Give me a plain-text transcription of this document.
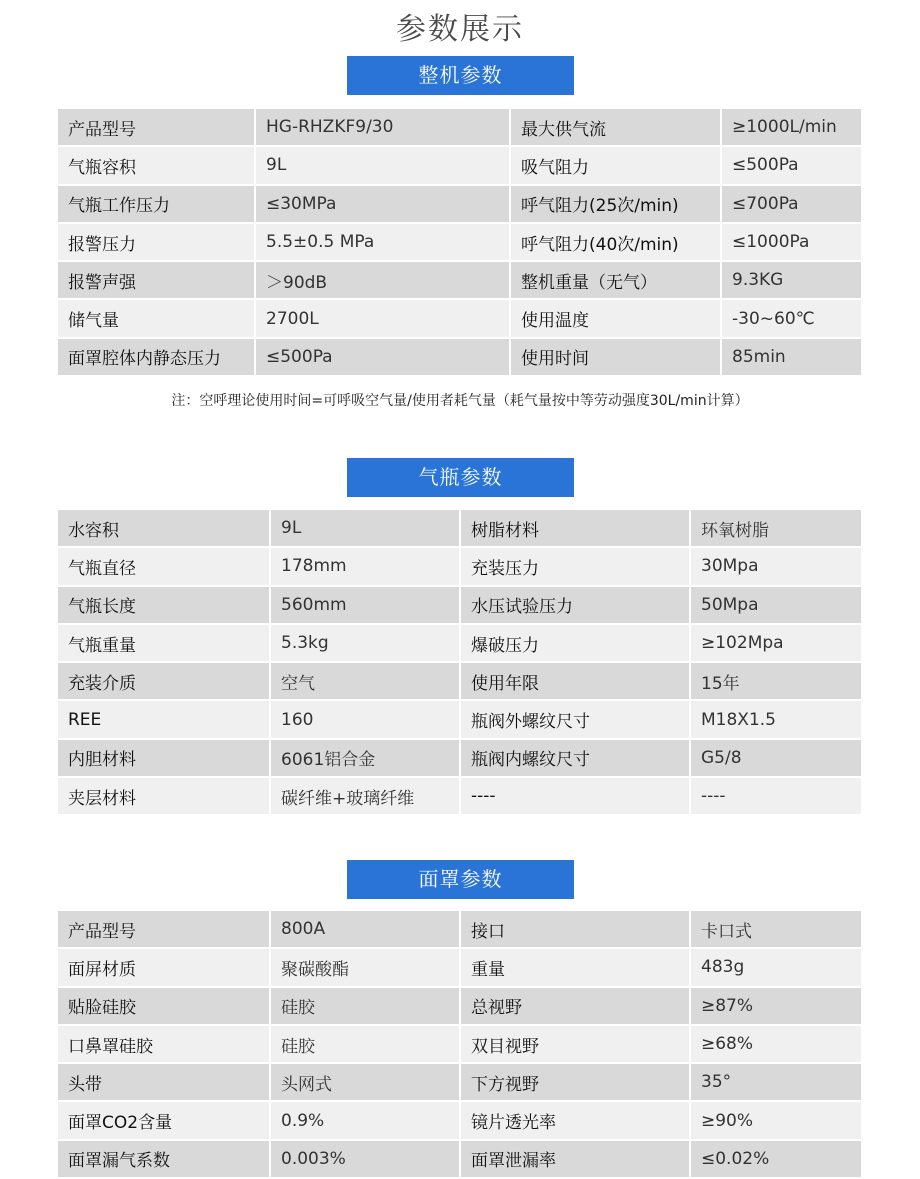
参数展示
整机参数
产品型号	HG-RHZKF9/30	最大供气流	≥1000L/min
气瓶容积	9L	吸气阻力	≤500Pa
气瓶工作压力	≤30MPa	呼气阻力(25次/min)	≤700Pa
报警压力	5.5±0.5 MPa	呼气阻力(40次/min)	≤1000Pa
报警声强	＞90dB	整机重量（无气）	9.3KG
储气量	2700L	使用温度	-30~60℃
面罩腔体内静态压力	≤500Pa	使用时间	85min
注：空呼理论使用时间=可呼吸空气量/使用者耗气量（耗气量按中等劳动强度30L/min计算）
气瓶参数
水容积	9L	树脂材料	环氧树脂
气瓶直径	178mm	充装压力	30Mpa
气瓶长度	560mm	水压试验压力	50Mpa
气瓶重量	5.3kg	爆破压力	≥102Mpa
充装介质	空气	使用年限	15年
REE	160	瓶阀外螺纹尺寸	M18X1.5
内胆材料	6061铝合金	瓶阀内螺纹尺寸	G5/8
夹层材料	碳纤维+玻璃纤维	----	----
面罩参数
产品型号	800A	接口	卡口式
面屏材质	聚碳酸酯	重量	483g
贴脸硅胶	硅胶	总视野	≥87%
口鼻罩硅胶	硅胶	双目视野	≥68%
头带	头网式	下方视野	35°
面罩CO2含量	0.9%	镜片透光率	≥90%
面罩漏气系数	0.003%	面罩泄漏率	≤0.02%
